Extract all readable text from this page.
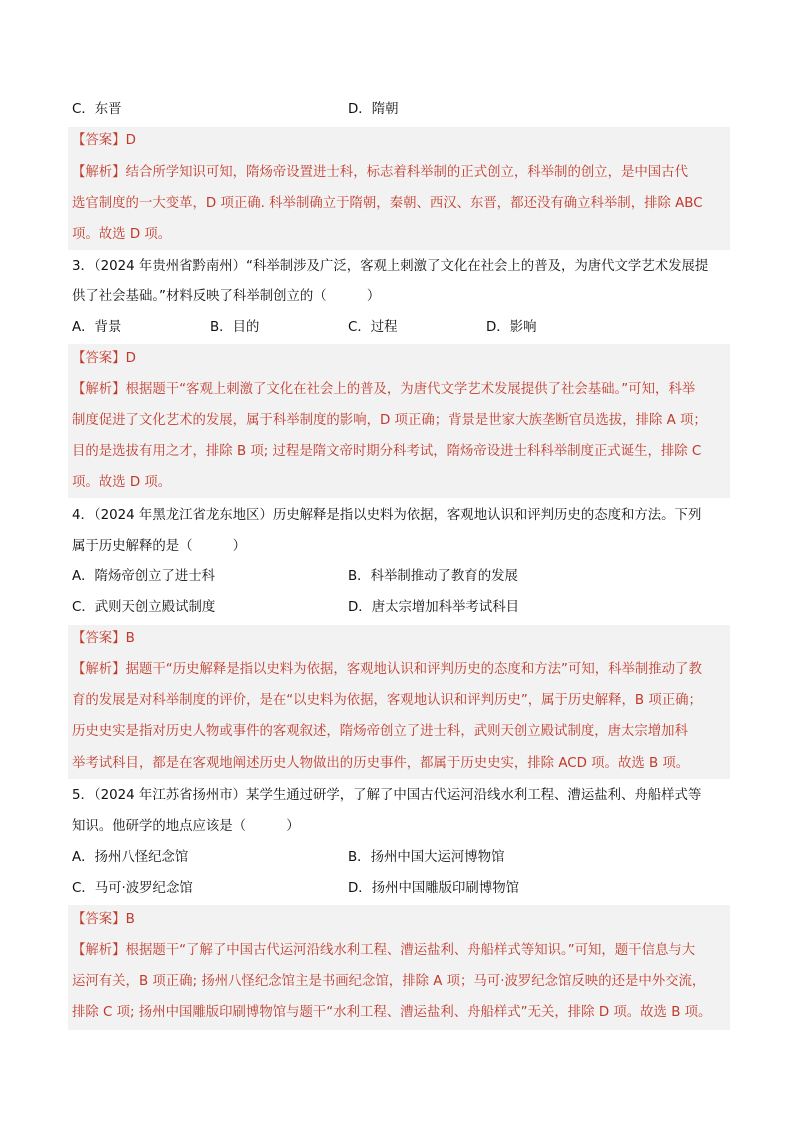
C．东晋	D．隋朝
【答案】D
【解析】结合所学知识可知，隋炀帝设置进士科，标志着科举制的正式创立，科举制的创立，是中国古代
选官制度的一大变革，D 项正确. 科举制确立于隋朝，秦朝、西汉、东晋，都还没有确立科举制，排除 ABC
项。故选 D 项。
3．（2024 年贵州省黔南州）“科举制涉及广泛，客观上刺激了文化在社会上的普及，为唐代文学艺术发展提
供了社会基础。”材料反映了科举制创立的（　　　）
A．背景	B．目的	C．过程	D．影响
【答案】D
【解析】根据题干“客观上刺激了文化在社会上的普及，为唐代文学艺术发展提供了社会基础。”可知，科举
制度促进了文化艺术的发展，属于科举制度的影响，D 项正确；背景是世家大族垄断官员选拔，排除 A 项；
目的是选拔有用之才，排除 B 项; 过程是隋文帝时期分科考试，隋炀帝设进士科科举制度正式诞生，排除 C
项。故选 D 项。
4．（2024 年黑龙江省龙东地区）历史解释是指以史料为依据，客观地认识和评判历史的态度和方法。下列
属于历史解释的是（　　　）
A．隋炀帝创立了进士科	B．科举制推动了教育的发展
C．武则天创立殿试制度	D．唐太宗增加科举考试科目
【答案】B
【解析】据题干“历史解释是指以史料为依据，客观地认识和评判历史的态度和方法”可知，科举制推动了教
育的发展是对科举制度的评价，是在“以史料为依据，客观地认识和评判历史”，属于历史解释，B 项正确；
历史史实是指对历史人物或事件的客观叙述，隋炀帝创立了进士科，武则天创立殿试制度，唐太宗增加科
举考试科目，都是在客观地阐述历史人物做出的历史事件，都属于历史史实，排除 ACD 项。故选 B 项。
5．（2024 年江苏省扬州市）某学生通过研学，了解了中国古代运河沿线水利工程、漕运盐利、舟船样式等
知识。他研学的地点应该是（　　　）
A．扬州八怪纪念馆	B．扬州中国大运河博物馆
C．马可·波罗纪念馆	D．扬州中国雕版印刷博物馆
【答案】B
【解析】根据题干“了解了中国古代运河沿线水利工程、漕运盐利、舟船样式等知识。”可知，题干信息与大
运河有关，B 项正确; 扬州八怪纪念馆主是书画纪念馆，排除 A 项；马可·波罗纪念馆反映的还是中外交流，
排除 C 项; 扬州中国雕版印刷博物馆与题干“水利工程、漕运盐利、舟船样式”无关，排除 D 项。故选 B 项。
